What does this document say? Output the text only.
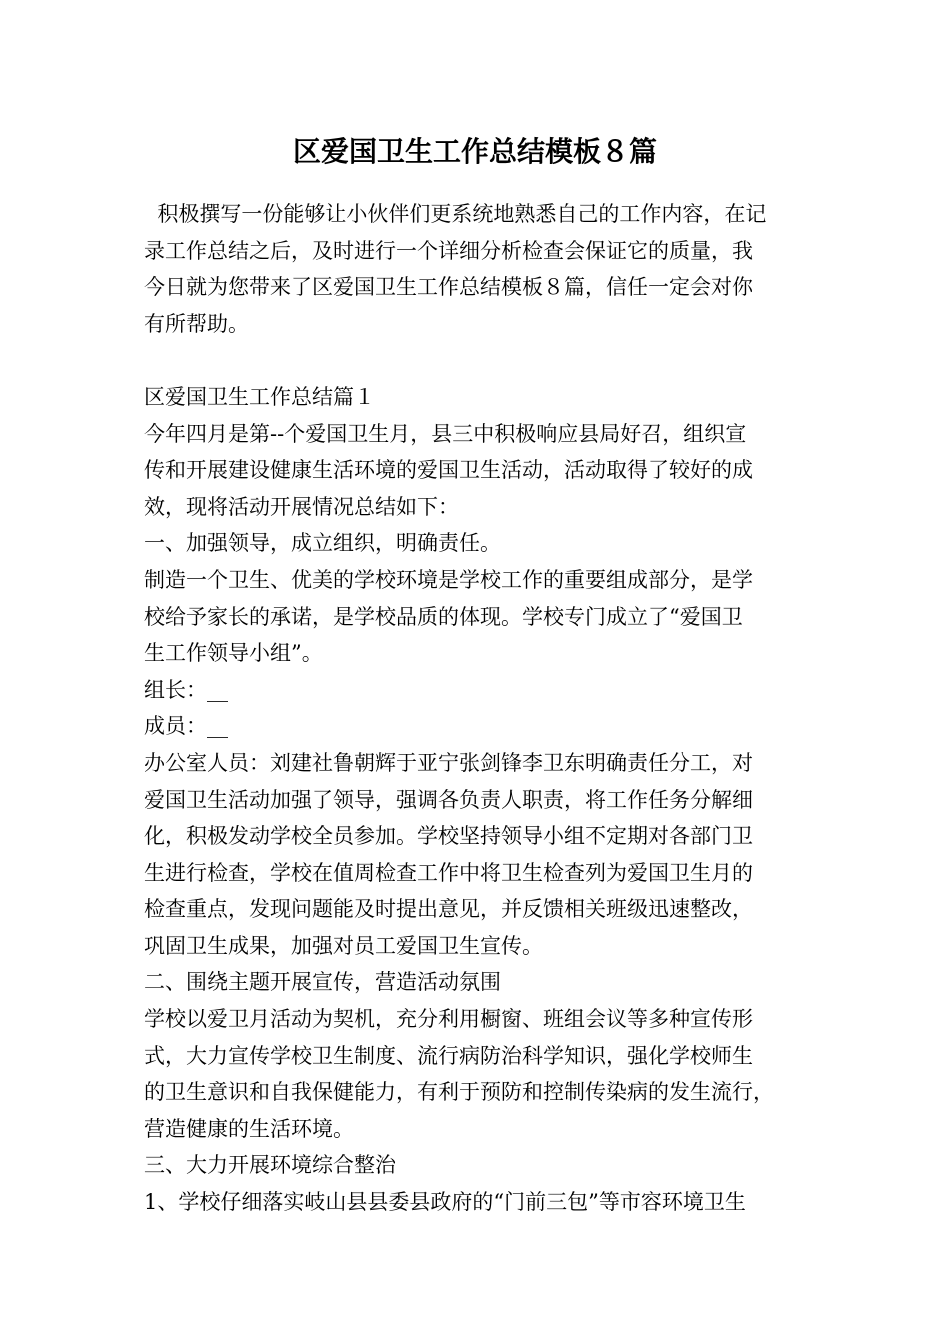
区爱国卫生工作总结模板８篇
积极撰写一份能够让小伙伴们更系统地熟悉自己的工作内容，在记
录工作总结之后，及时进行一个详细分析检查会保证它的质量，我
今日就为您带来了区爱国卫生工作总结模板８篇，信任一定会对你
有所帮助。
区爱国卫生工作总结篇１
今年四月是第--个爱国卫生月，县三中积极响应县局好召，组织宣
传和开展建设健康生活环境的爱国卫生活动，活动取得了较好的成
效，现将活动开展情况总结如下：
一、加强领导，成立组织，明确责任。
制造一个卫生、优美的学校环境是学校工作的重要组成部分，是学
校给予家长的承诺，是学校品质的体现。学校专门成立了“爱国卫
生工作领导小组”。
组长：__
成员：__
办公室人员：刘建社鲁朝辉于亚宁张剑锋李卫东明确责任分工，对
爱国卫生活动加强了领导，强调各负责人职责，将工作任务分解细
化，积极发动学校全员参加。学校坚持领导小组不定期对各部门卫
生进行检查，学校在值周检查工作中将卫生检查列为爱国卫生月的
检查重点，发现问题能及时提出意见，并反馈相关班级迅速整改，
巩固卫生成果，加强对员工爱国卫生宣传。
二、围绕主题开展宣传，营造活动氛围
学校以爱卫月活动为契机，充分利用橱窗、班组会议等多种宣传形
式，大力宣传学校卫生制度、流行病防治科学知识，强化学校师生
的卫生意识和自我保健能力，有利于预防和控制传染病的发生流行，
营造健康的生活环境。
三、大力开展环境综合整治
1、学校仔细落实岐山县县委县政府的“门前三包”等市容环境卫生
